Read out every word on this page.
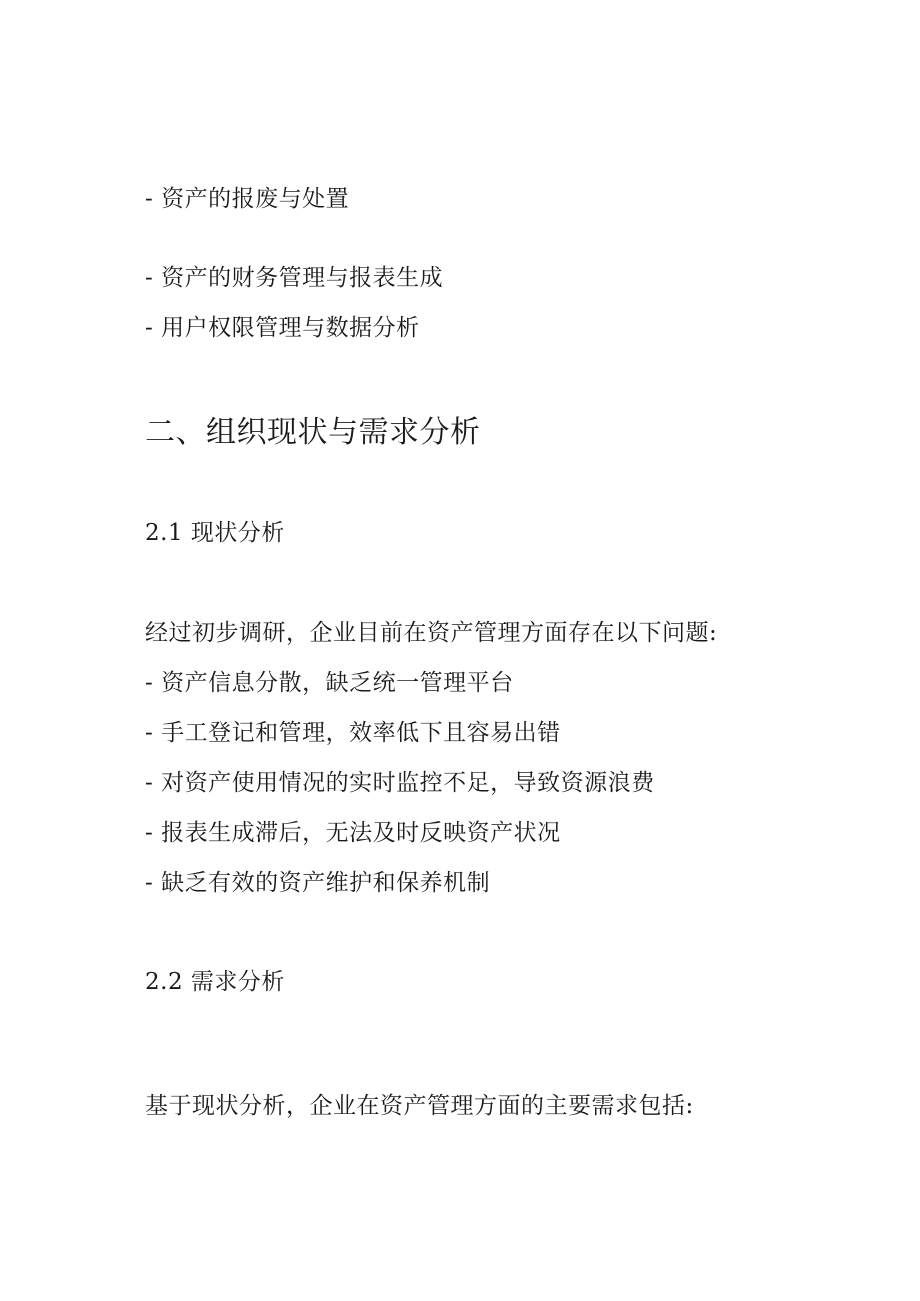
- 资产的报废与处置
- 资产的财务管理与报表生成
- 用户权限管理与数据分析
二、组织现状与需求分析
2.1 现状分析
经过初步调研，企业目前在资产管理方面存在以下问题:
- 资产信息分散，缺乏统一管理平台
- 手工登记和管理，效率低下且容易出错
- 对资产使用情况的实时监控不足，导致资源浪费
- 报表生成滞后，无法及时反映资产状况
- 缺乏有效的资产维护和保养机制
2.2 需求分析
基于现状分析，企业在资产管理方面的主要需求包括:
